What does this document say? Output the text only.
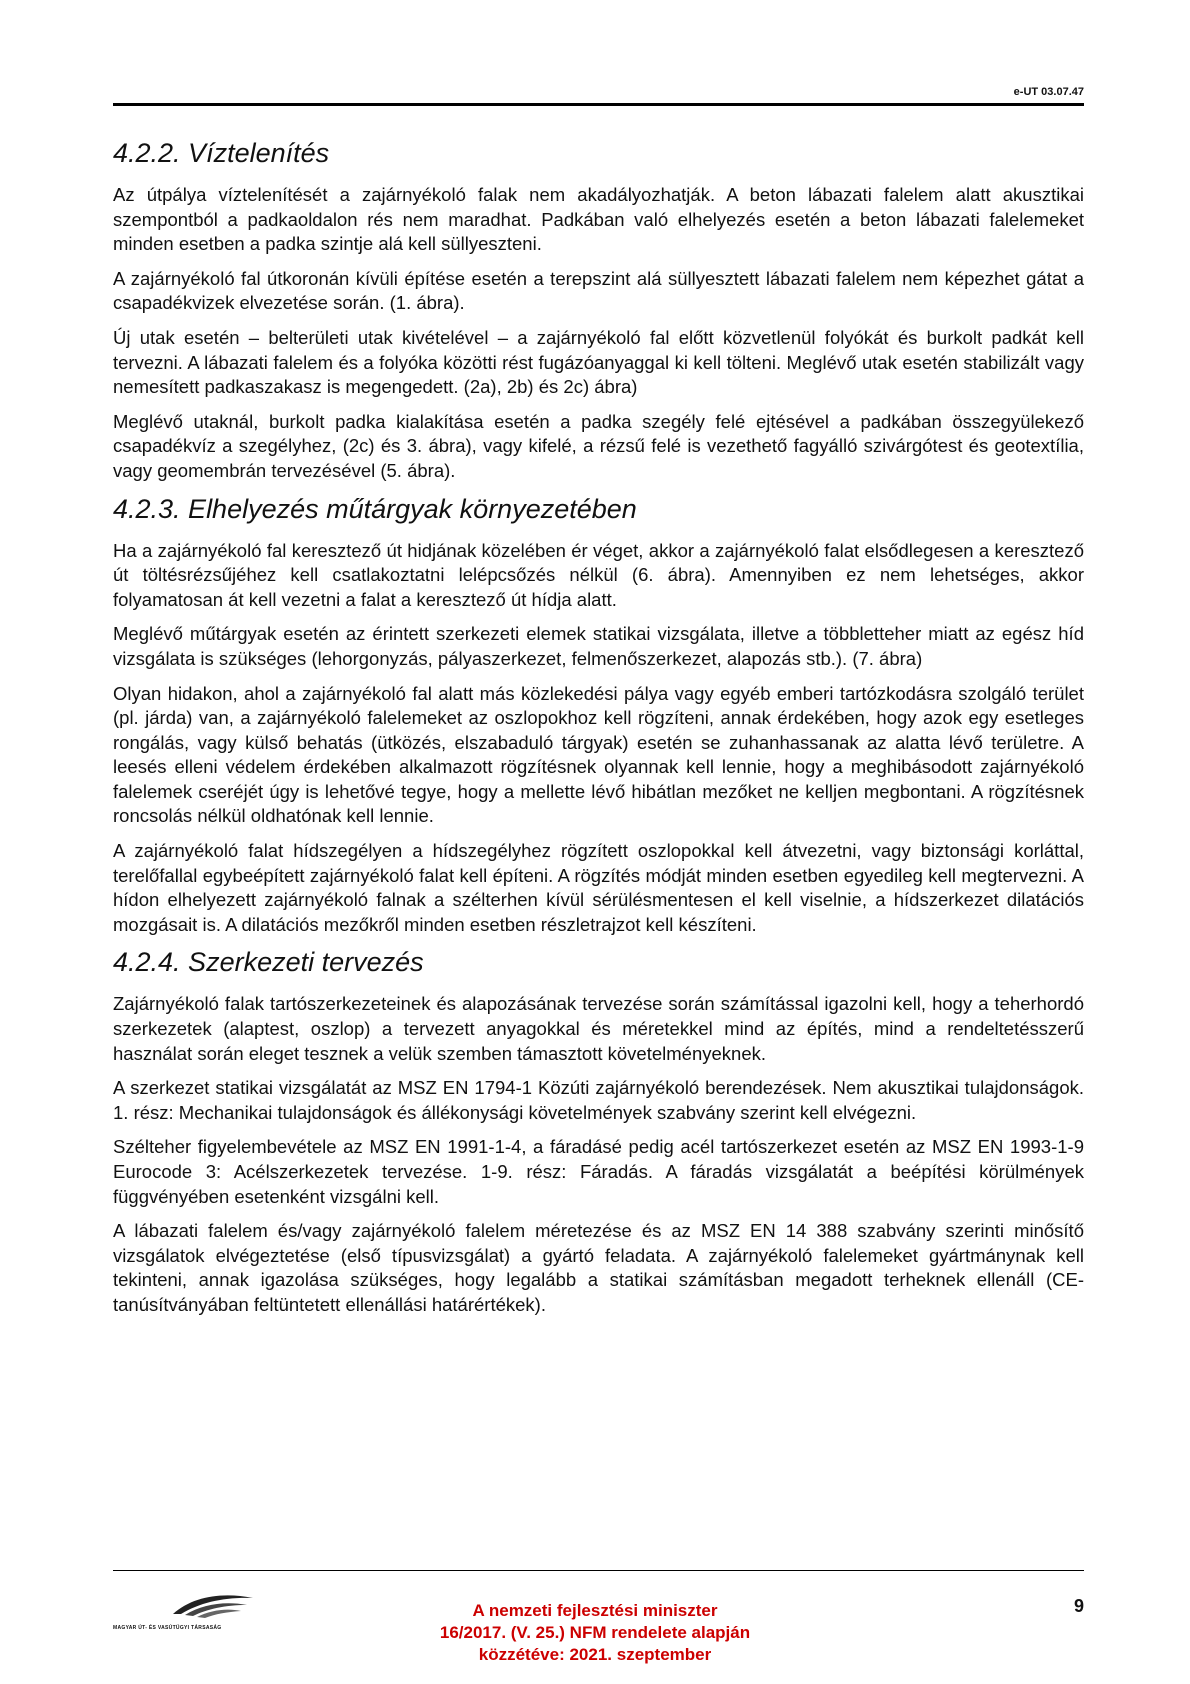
e-UT 03.07.47
4.2.2. Víztelenítés

Az útpálya víztelenítését a zajárnyékoló falak nem akadályozhatják. A beton lábazati falelem alatt akusztikai szempontból a padkaoldalon rés nem maradhat. Padkában való elhelyezés esetén a beton lábazati falelemeket minden esetben a padka szintje alá kell süllyeszteni.

A zajárnyékoló fal útkoronán kívüli építése esetén a terepszint alá süllyesztett lábazati falelem nem képezhet gátat a csapadékvizek elvezetése során. (1. ábra).

Új utak esetén – belterületi utak kivételével – a zajárnyékoló fal előtt közvetlenül folyókát és burkolt padkát kell tervezni. A lábazati falelem és a folyóka közötti rést fugázóanyaggal ki kell tölteni. Meglévő utak esetén stabilizált vagy nemesített padkaszakasz is megengedett. (2a), 2b) és 2c) ábra)

Meglévő utaknál, burkolt padka kialakítása esetén a padka szegély felé ejtésével a padkában összegyülekező csapadékvíz a szegélyhez, (2c) és 3. ábra), vagy kifelé, a rézsű felé is vezethető fagyálló szivárgótest és geotextília, vagy geomembrán tervezésével (5. ábra).

4.2.3. Elhelyezés műtárgyak környezetében

Ha a zajárnyékoló fal keresztező út hidjának közelében ér véget, akkor a zajárnyékoló falat elsődlegesen a keresztező út töltésrézsűjéhez kell csatlakoztatni lelépcsőzés nélkül (6. ábra). Amennyiben ez nem lehetséges, akkor folyamatosan át kell vezetni a falat a keresztező út hídja alatt.

Meglévő műtárgyak esetén az érintett szerkezeti elemek statikai vizsgálata, illetve a többletteher miatt az egész híd vizsgálata is szükséges (lehorgonyzás, pályaszerkezet, felmenőszerkezet, alapozás stb.). (7. ábra)

Olyan hidakon, ahol a zajárnyékoló fal alatt más közlekedési pálya vagy egyéb emberi tartózkodásra szolgáló terület (pl. járda) van, a zajárnyékoló falelemeket az oszlopokhoz kell rögzíteni, annak érdekében, hogy azok egy esetleges rongálás, vagy külső behatás (ütközés, elszabaduló tárgyak) esetén se zuhanhassanak az alatta lévő területre. A leesés elleni védelem érdekében alkalmazott rögzítésnek olyannak kell lennie, hogy a meghibásodott zajárnyékoló falelemek cseréjét úgy is lehetővé tegye, hogy a mellette lévő hibátlan mezőket ne kelljen megbontani. A rögzítésnek roncsolás nélkül oldhatónak kell lennie.

A zajárnyékoló falat hídszegélyen a hídszegélyhez rögzített oszlopokkal kell átvezetni, vagy biztonsági korláttal, terelőfallal egybeépített zajárnyékoló falat kell építeni. A rögzítés módját minden esetben egyedileg kell megtervezni. A hídon elhelyezett zajárnyékoló falnak a szélterhen kívül sérülésmentesen el kell viselnie, a hídszerkezet dilatációs mozgásait is. A dilatációs mezőkről minden esetben részletrajzot kell készíteni.

4.2.4. Szerkezeti tervezés

Zajárnyékoló falak tartószerkezeteinek és alapozásának tervezése során számítással igazolni kell, hogy a teherhordó szerkezetek (alaptest, oszlop) a tervezett anyagokkal és méretekkel mind az építés, mind a rendeltetésszerű használat során eleget tesznek a velük szemben támasztott követelményeknek.

A szerkezet statikai vizsgálatát az MSZ EN 1794-1 Közúti zajárnyékoló berendezések. Nem akusztikai tulajdonságok. 1. rész: Mechanikai tulajdonságok és állékonysági követelmények szabvány szerint kell elvégezni.

Szélteher figyelembevétele az MSZ EN 1991-1-4, a fáradásé pedig acél tartószerkezet esetén az MSZ EN 1993-1-9 Eurocode 3: Acélszerkezetek tervezése. 1-9. rész: Fáradás. A fáradás vizsgálatát a beépítési körülmények függvényében esetenként vizsgálni kell.

A lábazati falelem és/vagy zajárnyékoló falelem méretezése és az MSZ EN 14 388 szabvány szerinti minősítő vizsgálatok elvégeztetése (első típusvizsgálat) a gyártó feladata. A zajárnyékoló falelemeket gyártmánynak kell tekinteni, annak igazolása szükséges, hogy legalább a statikai számításban megadott terheknek ellenáll (CE-tanúsítványában feltüntetett ellenállási határértékek).

MAGYAR ÚT- ÉS VASÚTÜGYI TÁRSASÁG
A nemzeti fejlesztési miniszter
16/2017. (V. 25.) NFM rendelete alapján
közzétéve: 2021. szeptember
9
